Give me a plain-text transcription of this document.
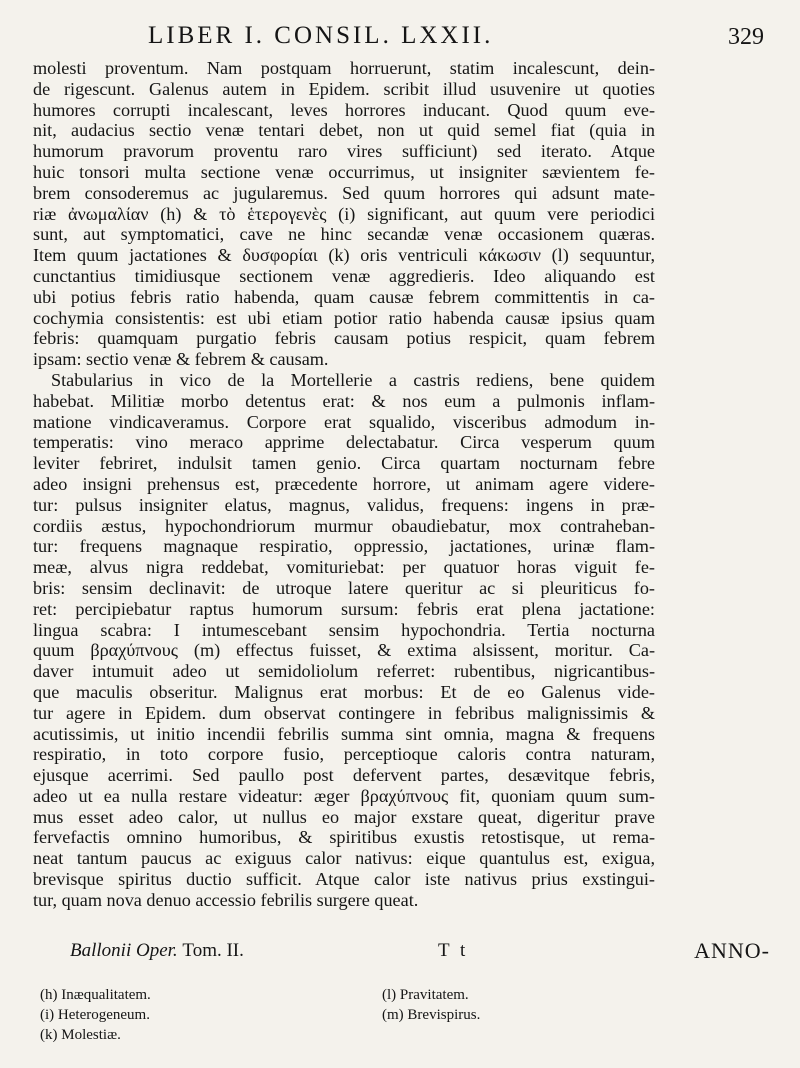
LIBER I. CONSIL. LXXII.	329
molesti proventum. Nam postquam horruerunt, statim incalescunt, dein-
de rigescunt. Galenus autem in Epidem. scribit illud usuvenire ut quoties
humores corrupti incalescant, leves horrores inducant. Quod quum eve-
nit, audacius sectio venæ tentari debet, non ut quid semel fiat (quia in
humorum pravorum proventu raro vires sufficiunt) sed iterato. Atque
huic tonsori multa sectione venæ occurrimus, ut insigniter sævientem fe-
brem consoderemus ac jugularemus. Sed quum horrores qui adsunt mate-
riæ ἀνωμαλίαν (h) & τὸ ἑτερογενὲς (i) significant, aut quum vere periodici
sunt, aut symptomatici, cave ne hinc secandæ venæ occasionem quæras.
Item quum jactationes & δυσφορίαι (k) oris ventriculi κάκωσιν (l) sequuntur,
cunctantius timidiusque sectionem venæ aggredieris. Ideo aliquando est
ubi potius febris ratio habenda, quam causæ febrem committentis in ca-
cochymia consistentis: est ubi etiam potior ratio habenda causæ ipsius quam
febris: quamquam purgatio febris causam potius respicit, quam febrem
ipsam: sectio venæ & febrem & causam.
Stabularius in vico de la Mortellerie a castris rediens, bene quidem
habebat. Militiæ morbo detentus erat: & nos eum a pulmonis inflam-
matione vindicaveramus. Corpore erat squalido, visceribus admodum in-
temperatis: vino meraco apprime delectabatur. Circa vesperum quum
leviter febriret, indulsit tamen genio. Circa quartam nocturnam febre
adeo insigni prehensus est, præcedente horrore, ut animam agere videre-
tur: pulsus insigniter elatus, magnus, validus, frequens: ingens in præ-
cordiis æstus, hypochondriorum murmur obaudiebatur, mox contraheban-
tur: frequens magnaque respiratio, oppressio, jactationes, urinæ flam-
meæ, alvus nigra reddebat, vomituriebat: per quatuor horas viguit fe-
bris: sensim declinavit: de utroque latere queritur ac si pleuriticus fo-
ret: percipiebatur raptus humorum sursum: febris erat plena jactatione:
lingua scabra: I intumescebant sensim hypochondria. Tertia nocturna
quum βραχύπνους (m) effectus fuisset, & extima alsissent, moritur. Ca-
daver intumuit adeo ut semidoliolum referret: rubentibus, nigricantibus-
que maculis obseritur. Malignus erat morbus: Et de eo Galenus vide-
tur agere in Epidem. dum observat contingere in febribus malignissimis &
acutissimis, ut initio incendii febrilis summa sint omnia, magna & frequens
respiratio, in toto corpore fusio, perceptioque caloris contra naturam,
ejusque acerrimi. Sed paullo post defervent partes, desævitque febris,
adeo ut ea nulla restare videatur: æger βραχύπνους fit, quoniam quum sum-
mus esset adeo calor, ut nullus eo major exstare queat, digeritur prave
fervefactis omnino humoribus, & spiritibus exustis retostisque, ut rema-
neat tantum paucus ac exiguus calor nativus: eique quantulus est, exigua,
brevisque spiritus ductio sufficit. Atque calor iste nativus prius exstingui-
tur, quam nova denuo accessio febrilis surgere queat.
Ballonii Oper. Tom. II.	T t	ANNO-
(h) Inæqualitatem.
(i) Heterogeneum.
(k) Molestiæ.
(l) Pravitatem.
(m) Brevispirus.
